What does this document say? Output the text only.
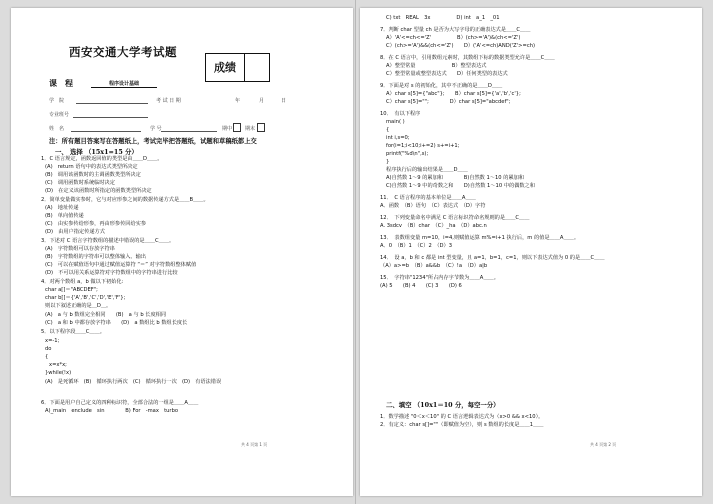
西安交通大学考试题
成绩
课　程	程序设计基础
学　院	考 试 日 期	年	月	日
专业班号
姓　名	学 号	期中	期末
注：所有题目答案写在答题纸上，考试完毕把答题纸，试题和草稿纸都上交
一、 选择 （15x1=15 分）
1．C 语言规定，函数返回值的类型是由＿＿D＿＿。
(A)　return 语句中的表达式类型所决定
(B)　调用该函数时的主调函数类型所决定
(C)　调用函数时系统临时决定
(D)　在定义该函数时所指定的函数类型所决定
2．简单变量做实参时，它与对应形参之间的数据传递方式是＿＿B＿＿。
(A)　地址传递
(B)　单向值传递
(C)　由实参传给形参，再由形参传回给实参
(D)　由用户指定传递方式
3．下述对 C 语言字符数组的描述中错误的是＿＿C＿＿。
(A)　字符数组可以存放字符串
(B)　字符数组的字符串可以整体输入、输出
(C)　可以在赋值语句中通过赋值运算符 “＝” 对字符数组整体赋值
(D)　不可以用关系运算符对字符数组中的字符串进行比较
4．对两个数组 a，b 做以下初始化:
char a[]＝"ABCDEF";
char b[]＝{'A','B','C','D','E','F'};
则以下叙述正确的是＿D＿。
(A)　a 与 b 数组完全相同　　(B)　a 与 b 长度相同
(C)　a 和 b 中都存放字符串　　(D)　a 数组比 b 数组长度长
5．以下程序段＿＿C＿＿。
x=-1;
do
{
x=x*x;
}while(!x)
(A)　是死循环　(B)　循环执行两次　(C)　循环执行一次　(D)　有语法错误
6．下面是用户自己定义的四种标识符，全部合法的一组是＿＿A＿＿
A)_main　enclude　sin　　　　B) For　-max　turbo
共 4 页第 1 页
C) txt　REAL　3x　　　　　D) int　a_1　_01
7．判断 char 型量 ch 是否为大写字母的正确表达式是＿＿C＿＿
A）'A'<=ch<='Z'　　　　　B）(ch>='A')&(ch<='Z')
C）(ch>='A')&&(ch<='Z')　　D）('A'<=ch)AND('Z'>=ch)
8．在 C 语言中，引用数组元素时，其数组下标的数据类型允许是＿＿C＿＿
A）整型常量　　　　　　　B）整型表达式
C）整型常量或整型表达式　　D）任何类型的表达式
9．下面是对 s 的初始化，其中不正确的是＿＿D＿＿
A）char s[5]={"abc"};　　B）char s[5]={'a','b','c'};
C）char s[5]="";　　　　D）char s[5]="abcdef";
10．　有以下程序
main( )
{
int i,s=0;
for(i=1;i<10;i+=2) s+=i+1;
printf("%d\n",s);
}
程序执行后的输出结果是＿＿D＿＿
A)自然数 1～9 的累加和　　　　B)自然数 1～10 的累加和
C)自然数 1～9 中的奇数之和　　D)自然数 1～10 中的偶数之和
11．　C 语言程序的基本单位是＿＿A＿＿
A．函数　（B）语句　（C）表达式　（D）字符
12．　下列变量命名中满足 C 语言标识符命名规则的是＿＿C＿＿
A. 3sdcv　（B）char　（C）_ha　（D）abc.n
13．　表数组变量 m=10，i=4,则赋值运算 m%=i+1 执行后，m 的值是＿＿A＿＿。
A．0　（B）1　（C）2　（D）3
14．　设 a，b 和 c 都是 int 型变量，且 a=1，b=1，c=1，则以下表达式值为 0 的是＿＿C＿＿
（A）a>=b　（B）a&&b　（C）!a　（D）a|b
15．　字符串"1234"所占内存字节数为＿＿A＿＿。
(A) 5　　(B) 4　　(C) 3　　(D) 6
1．数学描述 "0＜x＜10" 的 C 语言逻辑表达式为（x>0 && x<10）。
2．有定义：char s[]=""（即赋值为空），则 s 数组的长度是＿＿1＿＿
二、填空 （10x1＝10 分，每空一分）
共 4 页第 2 页
